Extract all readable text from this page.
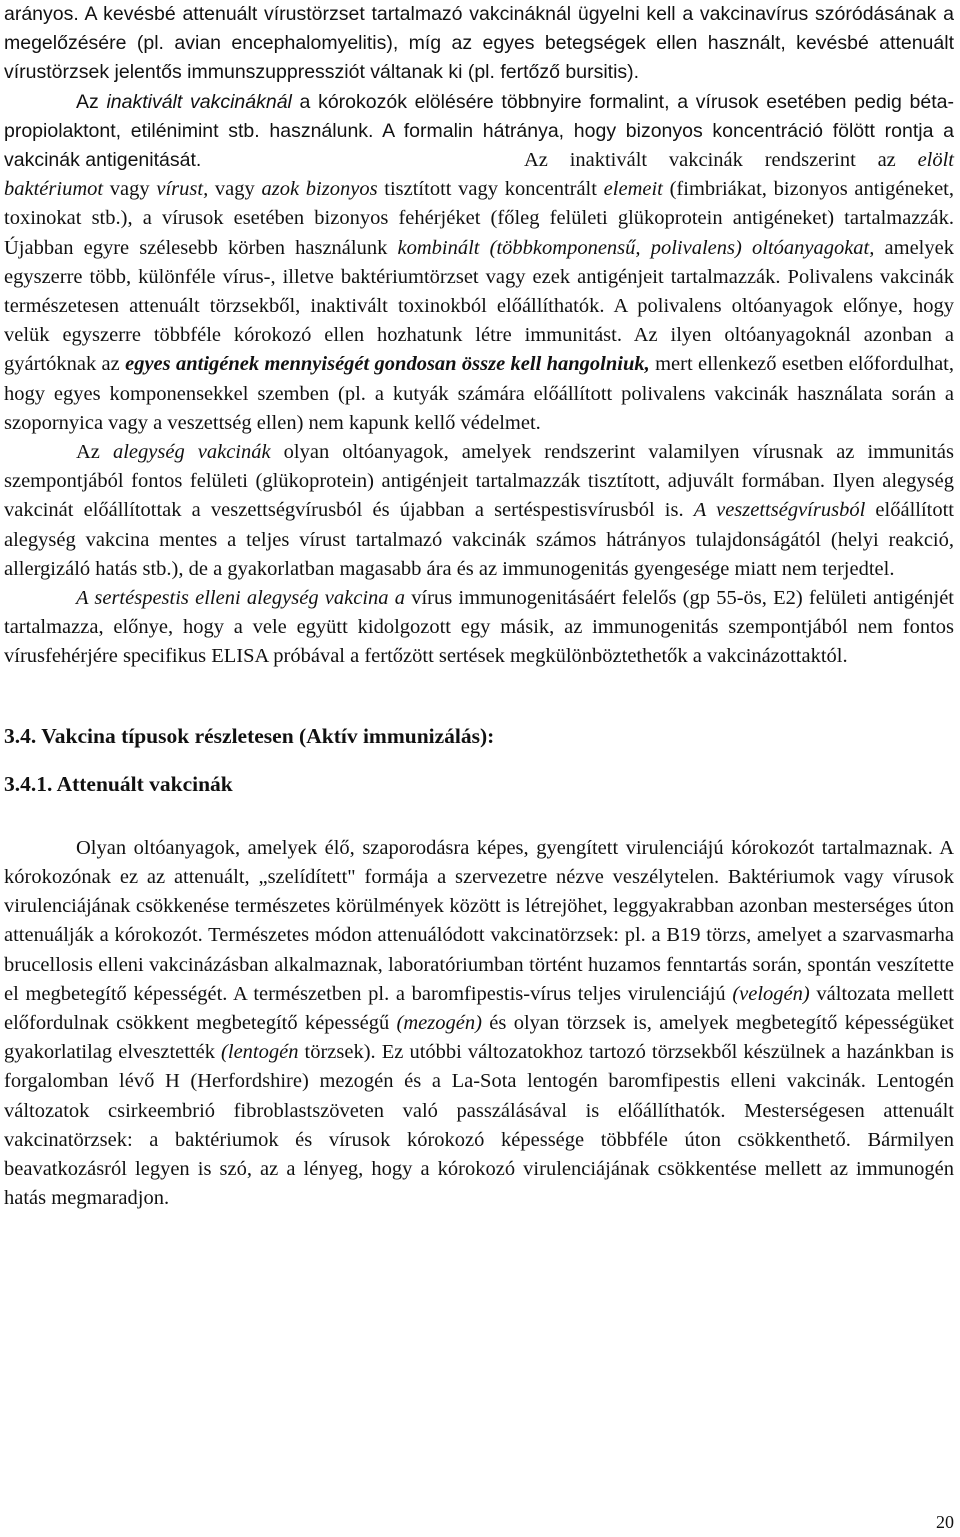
arányos. A kevésbé attenuált vírustörzset tartalmazó vakcináknál ügyelni kell a vakcinavírus szóródásának a megelőzésére (pl. avian encephalomyelitis), míg az egyes betegségek ellen használt, kevésbé attenuált vírustörzsek jelentős immunszuppressziót váltanak ki (pl. fertőző bursitis).

Az inaktivált vakcináknál a kórokozók elölésére többnyire formalint, a vírusok esetében pedig béta-propiolaktont, etilénimint stb. használunk. A formalin hátránya, hogy bizonyos koncentráció fölött rontja a vakcinák antigenitását.	Az inaktivált vakcinák rendszerint az elölt baktériumot vagy vírust, vagy azok bizonyos tisztított vagy koncentrált elemeit (fimbriákat, bizonyos antigéneket, toxinokat stb.), a vírusok esetében bizonyos fehérjéket (főleg felületi glükoprotein antigéneket) tartalmazzák. Újabban egyre szélesebb körben használunk kombinált (többkomponensű, polivalens) oltóanyagokat, amelyek egyszerre több, különféle vírus-, illetve baktériumtörzset vagy ezek antigénjeit tartalmazzák. Polivalens vakcinák természetesen attenuált törzsekből, inaktivált toxinokból előállíthatók. A polivalens oltóanyagok előnye, hogy velük egyszerre többféle kórokozó ellen hozhatunk létre immunitást. Az ilyen oltóanyagoknál azonban a gyártóknak az egyes antigének mennyiségét gondosan össze kell hangolniuk, mert ellenkező esetben előfordulhat, hogy egyes komponensekkel szemben (pl. a kutyák számára előállított polivalens vakcinák használata során a szopornyica vagy a veszettség ellen) nem kapunk kellő védelmet.

Az alegység vakcinák olyan oltóanyagok, amelyek rendszerint valamilyen vírusnak az immunitás szempontjából fontos felületi (glükoprotein) antigénjeit tartalmazzák tisztított, adjuvált formában. Ilyen alegység vakcinát előállítottak a veszettségvírusból és újabban a sertéspestisvírusból is. A veszettségvírusból előállított alegység vakcina mentes a teljes vírust tartalmazó vakcinák számos hátrányos tulajdonságától (helyi reakció, allergizáló hatás stb.), de a gyakorlatban magasabb ára és az immunogenitás gyengesége miatt nem terjedtel.

A sertéspestis elleni alegység vakcina a vírus immunogenitásáért felelős (gp 55-ös, E2) felületi antigénjét tartalmazza, előnye, hogy a vele együtt kidolgozott egy másik, az immunogenitás szempontjából nem fontos vírusfehérjére specifikus ELISA próbával a fertőzött sertések megkülönböztethetők a vakcinázottaktól.

3.4. Vakcina típusok részletesen (Aktív immunizálás):
3.4.1. Attenuált vakcinák

Olyan oltóanyagok, amelyek élő, szaporodásra képes, gyengített virulenciájú kórokozót tartalmaznak. A kórokozónak ez az attenuált, „szelídített" formája a szervezetre nézve veszélytelen. Baktériumok vagy vírusok virulenciájának csökkenése természetes körülmények között is létrejöhet, leggyakrabban azonban mesterséges úton attenuálják a kórokozót. Természetes módon attenuálódott vakcinatörzsek: pl. a B19 törzs, amelyet a szarvasmarha brucellosis elleni vakcinázásban alkalmaznak, laboratóriumban történt huzamos fenntartás során, spontán veszítette el megbetegítő képességét. A természetben pl. a baromfipestis-vírus teljes virulenciájú (velogén) változata mellett előfordulnak csökkent megbetegítő képességű (mezogén) és olyan törzsek is, amelyek megbetegítő képességüket gyakorlatilag elvesztették (lentogén törzsek). Ez utóbbi változatokhoz tartozó törzsekből készülnek a hazánkban is forgalomban lévő H (Herfordshire) mezogén és a La-Sota lentogén baromfipestis elleni vakcinák. Lentogén változatok csirkeembrió fibroblastszöveten való passzálásával is előállíthatók. Mesterségesen attenuált vakcinatörzsek: a baktériumok és vírusok kórokozó képessége többféle úton csökkenthető. Bármilyen beavatkozásról legyen is szó, az a lényeg, hogy a kórokozó virulenciájának csökkentése mellett az immunogén hatás megmaradjon.

20
